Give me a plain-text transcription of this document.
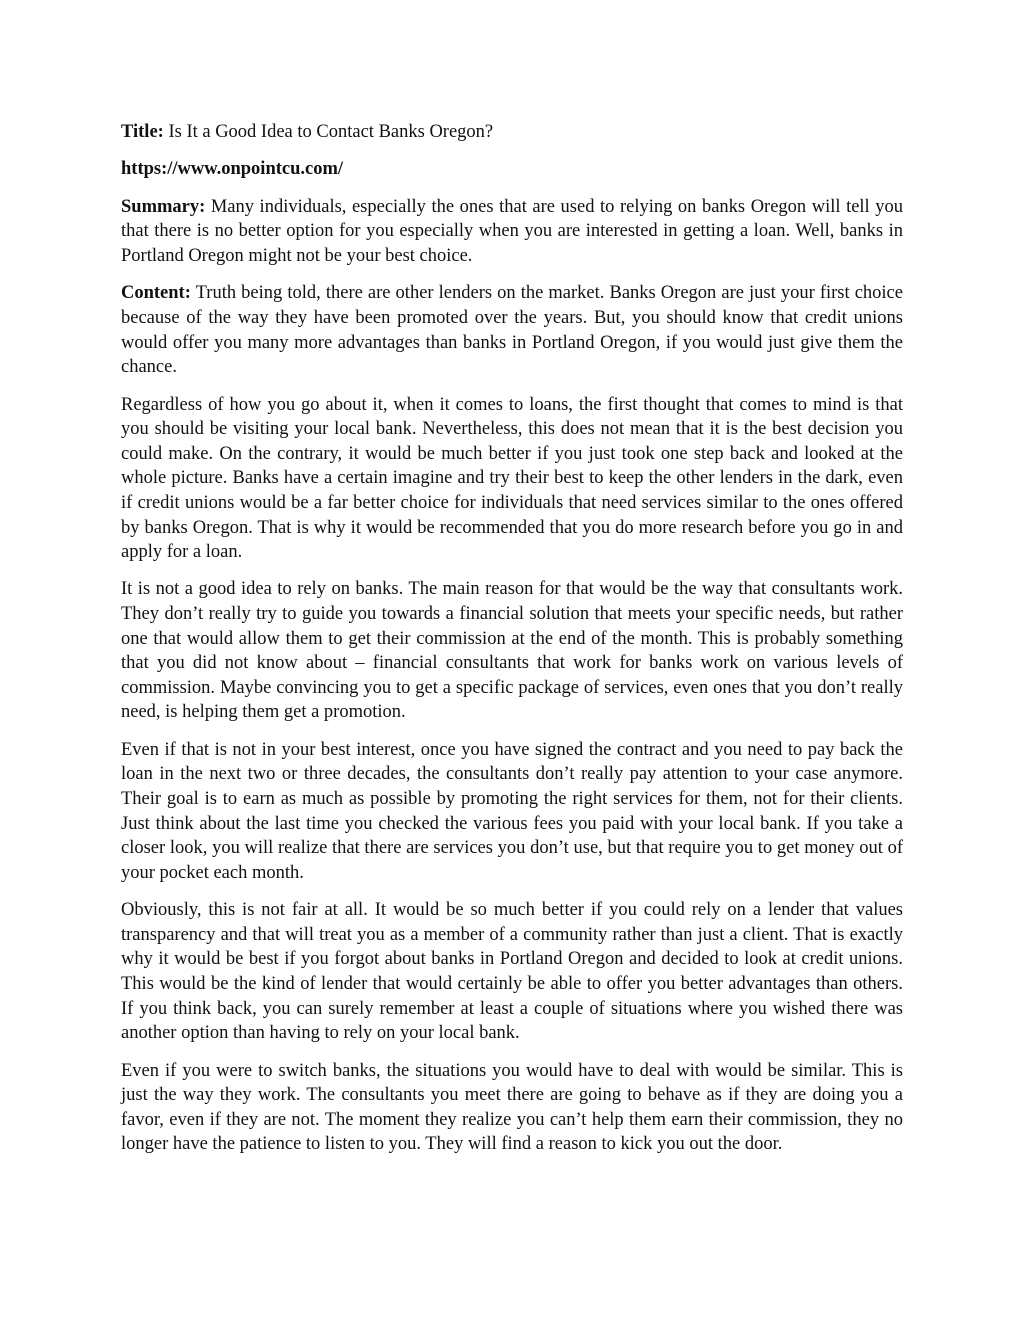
Title: Is It a Good Idea to Contact Banks Oregon?

https://www.onpointcu.com/

Summary: Many individuals, especially the ones that are used to relying on banks Oregon will tell you that there is no better option for you especially when you are interested in getting a loan. Well, banks in Portland Oregon might not be your best choice.

Content: Truth being told, there are other lenders on the market. Banks Oregon are just your first choice because of the way they have been promoted over the years. But, you should know that credit unions would offer you many more advantages than banks in Portland Oregon, if you would just give them the chance.

Regardless of how you go about it, when it comes to loans, the first thought that comes to mind is that you should be visiting your local bank. Nevertheless, this does not mean that it is the best decision you could make. On the contrary, it would be much better if you just took one step back and looked at the whole picture. Banks have a certain imagine and try their best to keep the other lenders in the dark, even if credit unions would be a far better choice for individuals that need services similar to the ones offered by banks Oregon. That is why it would be recommended that you do more research before you go in and apply for a loan.

It is not a good idea to rely on banks. The main reason for that would be the way that consultants work. They don’t really try to guide you towards a financial solution that meets your specific needs, but rather one that would allow them to get their commission at the end of the month. This is probably something that you did not know about – financial consultants that work for banks work on various levels of commission. Maybe convincing you to get a specific package of services, even ones that you don’t really need, is helping them get a promotion.

Even if that is not in your best interest, once you have signed the contract and you need to pay back the loan in the next two or three decades, the consultants don’t really pay attention to your case anymore. Their goal is to earn as much as possible by promoting the right services for them, not for their clients. Just think about the last time you checked the various fees you paid with your local bank. If you take a closer look, you will realize that there are services you don’t use, but that require you to get money out of your pocket each month.

Obviously, this is not fair at all. It would be so much better if you could rely on a lender that values transparency and that will treat you as a member of a community rather than just a client. That is exactly why it would be best if you forgot about banks in Portland Oregon and decided to look at credit unions. This would be the kind of lender that would certainly be able to offer you better advantages than others. If you think back, you can surely remember at least a couple of situations where you wished there was another option than having to rely on your local bank.

Even if you were to switch banks, the situations you would have to deal with would be similar. This is just the way they work. The consultants you meet there are going to behave as if they are doing you a favor, even if they are not. The moment they realize you can’t help them earn their commission, they no longer have the patience to listen to you. They will find a reason to kick you out the door.
